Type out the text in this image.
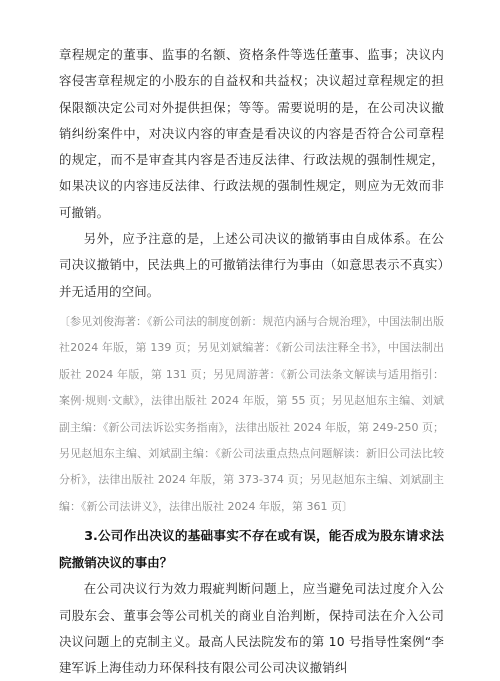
章程规定的董事、监事的名额、资格条件等选任董事、监事；决议内容侵害章程规定的小股东的自益权和共益权；决议超过章程规定的担保限额决定公司对外提供担保；等等。需要说明的是，在公司决议撤销纠纷案件中，对决议内容的审查是看决议的内容是否符合公司章程的规定，而不是审查其内容是否违反法律、行政法规的强制性规定，如果决议的内容违反法律、行政法规的强制性规定，则应为无效而非可撤销。

另外，应予注意的是，上述公司决议的撤销事由自成体系。在公司决议撤销中，民法典上的可撤销法律行为事由（如意思表示不真实）并无适用的空间。

〔参见刘俊海著：《新公司法的制度创新：规范内涵与合规治理》，中国法制出版社2024 年版，第 139 页；另见刘斌编著：《新公司法注释全书》，中国法制出版社 2024 年版，第 131 页；另见周游著：《新公司法条文解读与适用指引：案例·规则·文献》，法律出版社 2024 年版，第 55 页；另见赵旭东主编、刘斌副主编：《新公司法诉讼实务指南》，法律出版社 2024 年版，第 249-250 页；另见赵旭东主编、刘斌副主编：《新公司法重点热点问题解读：新旧公司法比较分析》，法律出版社 2024 年版，第 373-374 页；另见赵旭东主编、刘斌副主编：《新公司法讲义》，法律出版社 2024 年版，第 361 页〕

3.公司作出决议的基础事实不存在或有误，能否成为股东请求法院撤销决议的事由？

在公司决议行为效力瑕疵判断问题上，应当避免司法过度介入公司股东会、董事会等公司机关的商业自治判断，保持司法在介入公司决议问题上的克制主义。最高人民法院发布的第 10 号指导性案例“李建军诉上海佳动力环保科技有限公司公司决议撤销纠
